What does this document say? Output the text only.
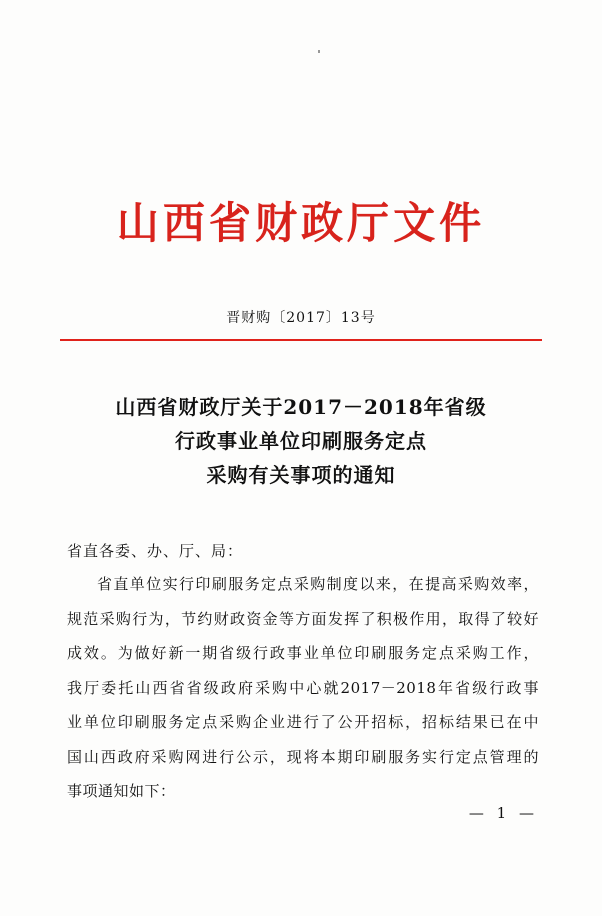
山西省财政厅文件
晋财购〔2017〕13号
山西省财政厅关于2017－2018年省级
行政事业单位印刷服务定点
采购有关事项的通知
省直各委、办、厅、局：
省直单位实行印刷服务定点采购制度以来，在提高采购效率，
规范采购行为，节约财政资金等方面发挥了积极作用，取得了较好
成效。为做好新一期省级行政事业单位印刷服务定点采购工作，
我厅委托山西省省级政府采购中心就2017－2018年省级行政事
业单位印刷服务定点采购企业进行了公开招标，招标结果已在中
国山西政府采购网进行公示，现将本期印刷服务实行定点管理的
事项通知如下：
— 1 —
